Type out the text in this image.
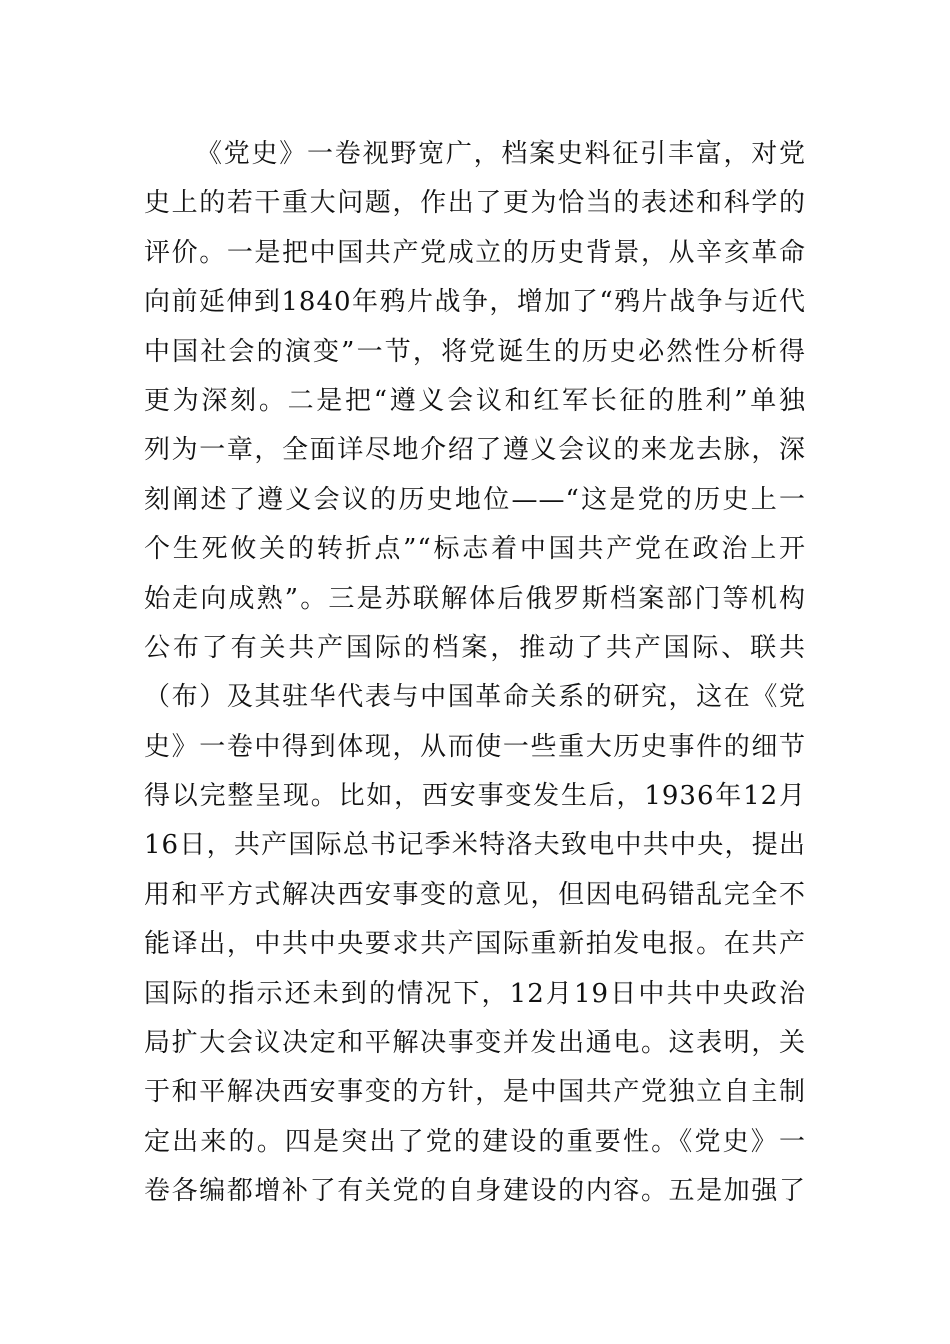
《党史》一卷视野宽广，档案史料征引丰富，对党
史上的若干重大问题，作出了更为恰当的表述和科学的
评价。一是把中国共产党成立的历史背景，从辛亥革命
向前延伸到1840年鸦片战争，增加了“鸦片战争与近代
中国社会的演变”一节，将党诞生的历史必然性分析得
更为深刻。二是把“遵义会议和红军长征的胜利”单独
列为一章，全面详尽地介绍了遵义会议的来龙去脉，深
刻阐述了遵义会议的历史地位——“这是党的历史上一
个生死攸关的转折点”“标志着中国共产党在政治上开
始走向成熟”。三是苏联解体后俄罗斯档案部门等机构
公布了有关共产国际的档案，推动了共产国际、联共
（布）及其驻华代表与中国革命关系的研究，这在《党
史》一卷中得到体现，从而使一些重大历史事件的细节
得以完整呈现。比如，西安事变发生后，1936年12月
16日，共产国际总书记季米特洛夫致电中共中央，提出
用和平方式解决西安事变的意见，但因电码错乱完全不
能译出，中共中央要求共产国际重新拍发电报。在共产
国际的指示还未到的情况下，12月19日中共中央政治
局扩大会议决定和平解决事变并发出通电。这表明，关
于和平解决西安事变的方针，是中国共产党独立自主制
定出来的。四是突出了党的建设的重要性。《党史》一
卷各编都增补了有关党的自身建设的内容。五是加强了
